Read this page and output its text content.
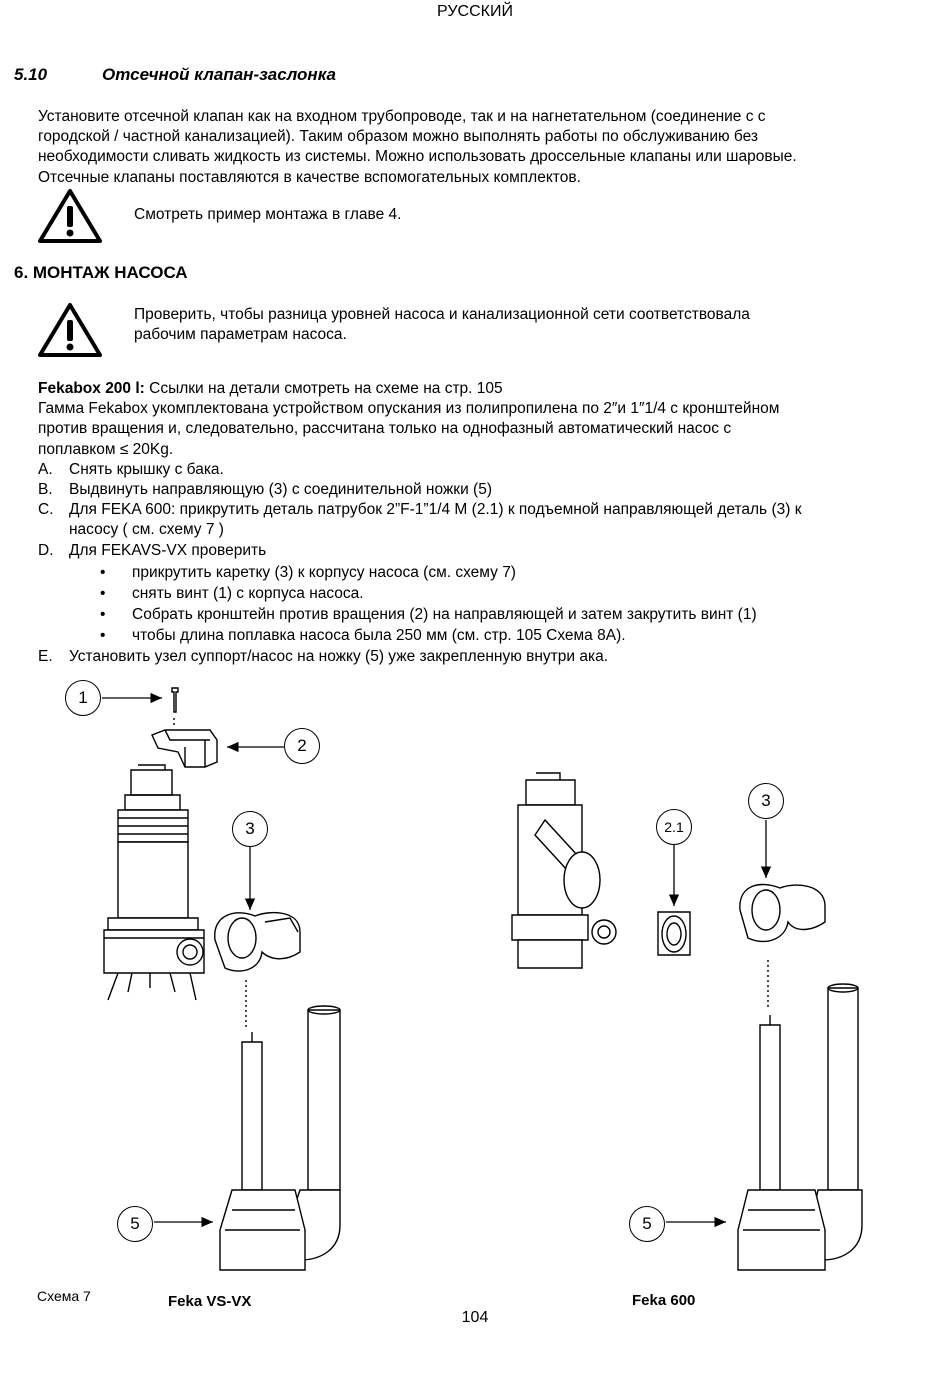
РУССКИЙ
5.10	Отсечной клапан-заслонка
Установите отсечной клапан как на входном трубопроводе, так и на нагнетательном (соединение с с
городской / частной канализацией). Таким образом можно выполнять работы по обслуживанию без
необходимости сливать жидкость из системы. Можно использовать дроссельные клапаны или шаровые.
Отсечные клапаны поставляются в качестве вспомогательных комплектов.
Смотреть пример монтажа в главе 4.
6. МОНТАЖ НАСОСА
Проверить, чтобы разница уровней насоса и канализационной сети соответствовала
рабочим параметрам насоса.
Fekabox 200 l: Ссылки на детали смотреть на схеме на стр. 105
Гамма Fekabox укомплектована устройством опускания из полипропилена по 2″и 1″1/4 с кронштейном
против вращения и, следовательно, рассчитана только на однофазный автоматический насос с
поплавком ≤ 20Kg.
A.	Снять крышку с бака.
B.	Выдвинуть направляющую (3) с соединительной ножки (5)
C.	Для FEKA 600: прикрутить деталь патрубок 2”F-1”1/4 M (2.1) к подъемной направляющей деталь (3) к
насосу ( см. схему 7 )
D.	Для FEKAVS-VX проверить
•	прикрутить каретку (3) к корпусу насоса (см. схему 7)
•	снять винт (1) с корпуса насоса.
•	Собрать кронштейн против вращения (2) на направляющей и затем закрутить винт (1)
•	чтобы длина поплавка насоса была 250 мм (см. стр. 105 Схема 8A).
E.	Установить узел суппорт/насос на ножку (5) уже закрепленную внутри ака.
1
2
3
5
2.1
3
5
Схема 7	Feka VS-VX	Feka 600
104
